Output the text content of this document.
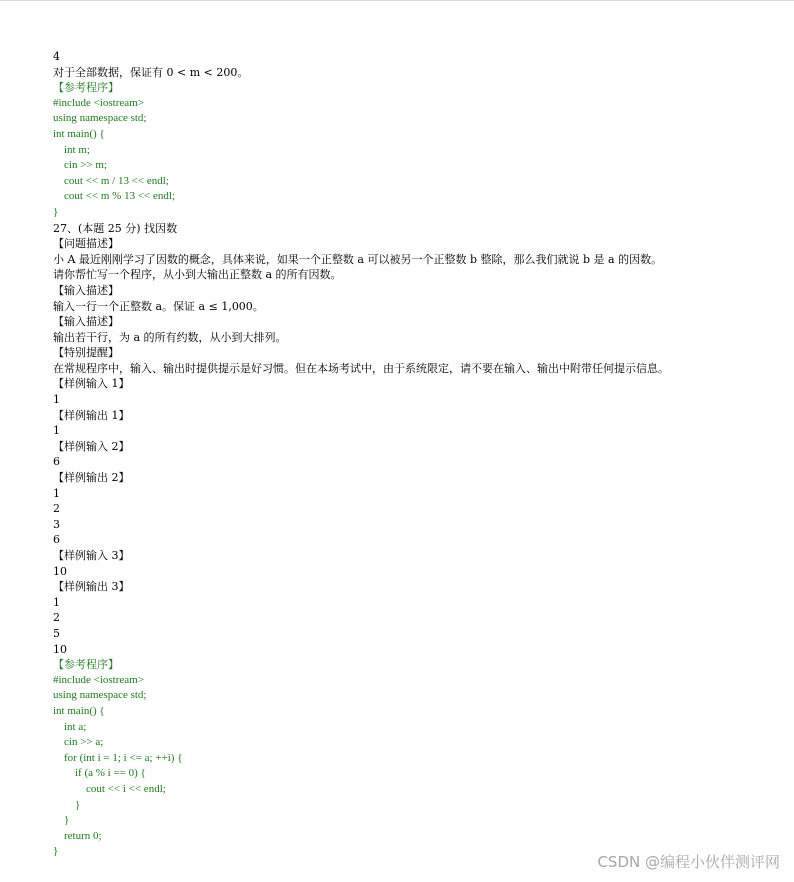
4
对于全部数据，保证有 0 < m < 200。
【参考程序】
#include <iostream>
using namespace std;
int main() {
int m;
cin >> m;
cout << m / 13 << endl;
cout << m % 13 << endl;
}
27、(本题 25 分) 找因数
【问题描述】
小 A 最近刚刚学习了因数的概念，具体来说，如果一个正整数 a 可以被另一个正整数 b 整除，那么我们就说 b 是 a 的因数。
请你帮忙写一个程序，从小到大输出正整数 a 的所有因数。
【输入描述】
输入一行一个正整数 a。保证 a ≤ 1,000。
【输入描述】
输出若干行，为 a 的所有约数，从小到大排列。
【特别提醒】
在常规程序中，输入、输出时提供提示是好习惯。但在本场考试中，由于系统限定，请不要在输入、输出中附带任何提示信息。
【样例输入 1】
1
【样例输出 1】
1
【样例输入 2】
6
【样例输出 2】
1
2
3
6
【样例输入 3】
10
【样例输出 3】
1
2
5
10
【参考程序】
#include <iostream>
using namespace std;
int main() {
int a;
cin >> a;
for (int i = 1; i <= a; ++i) {
if (a % i == 0) {
cout << i << endl;
}
}
return 0;
}
CSDN @编程小伙伴测评网
